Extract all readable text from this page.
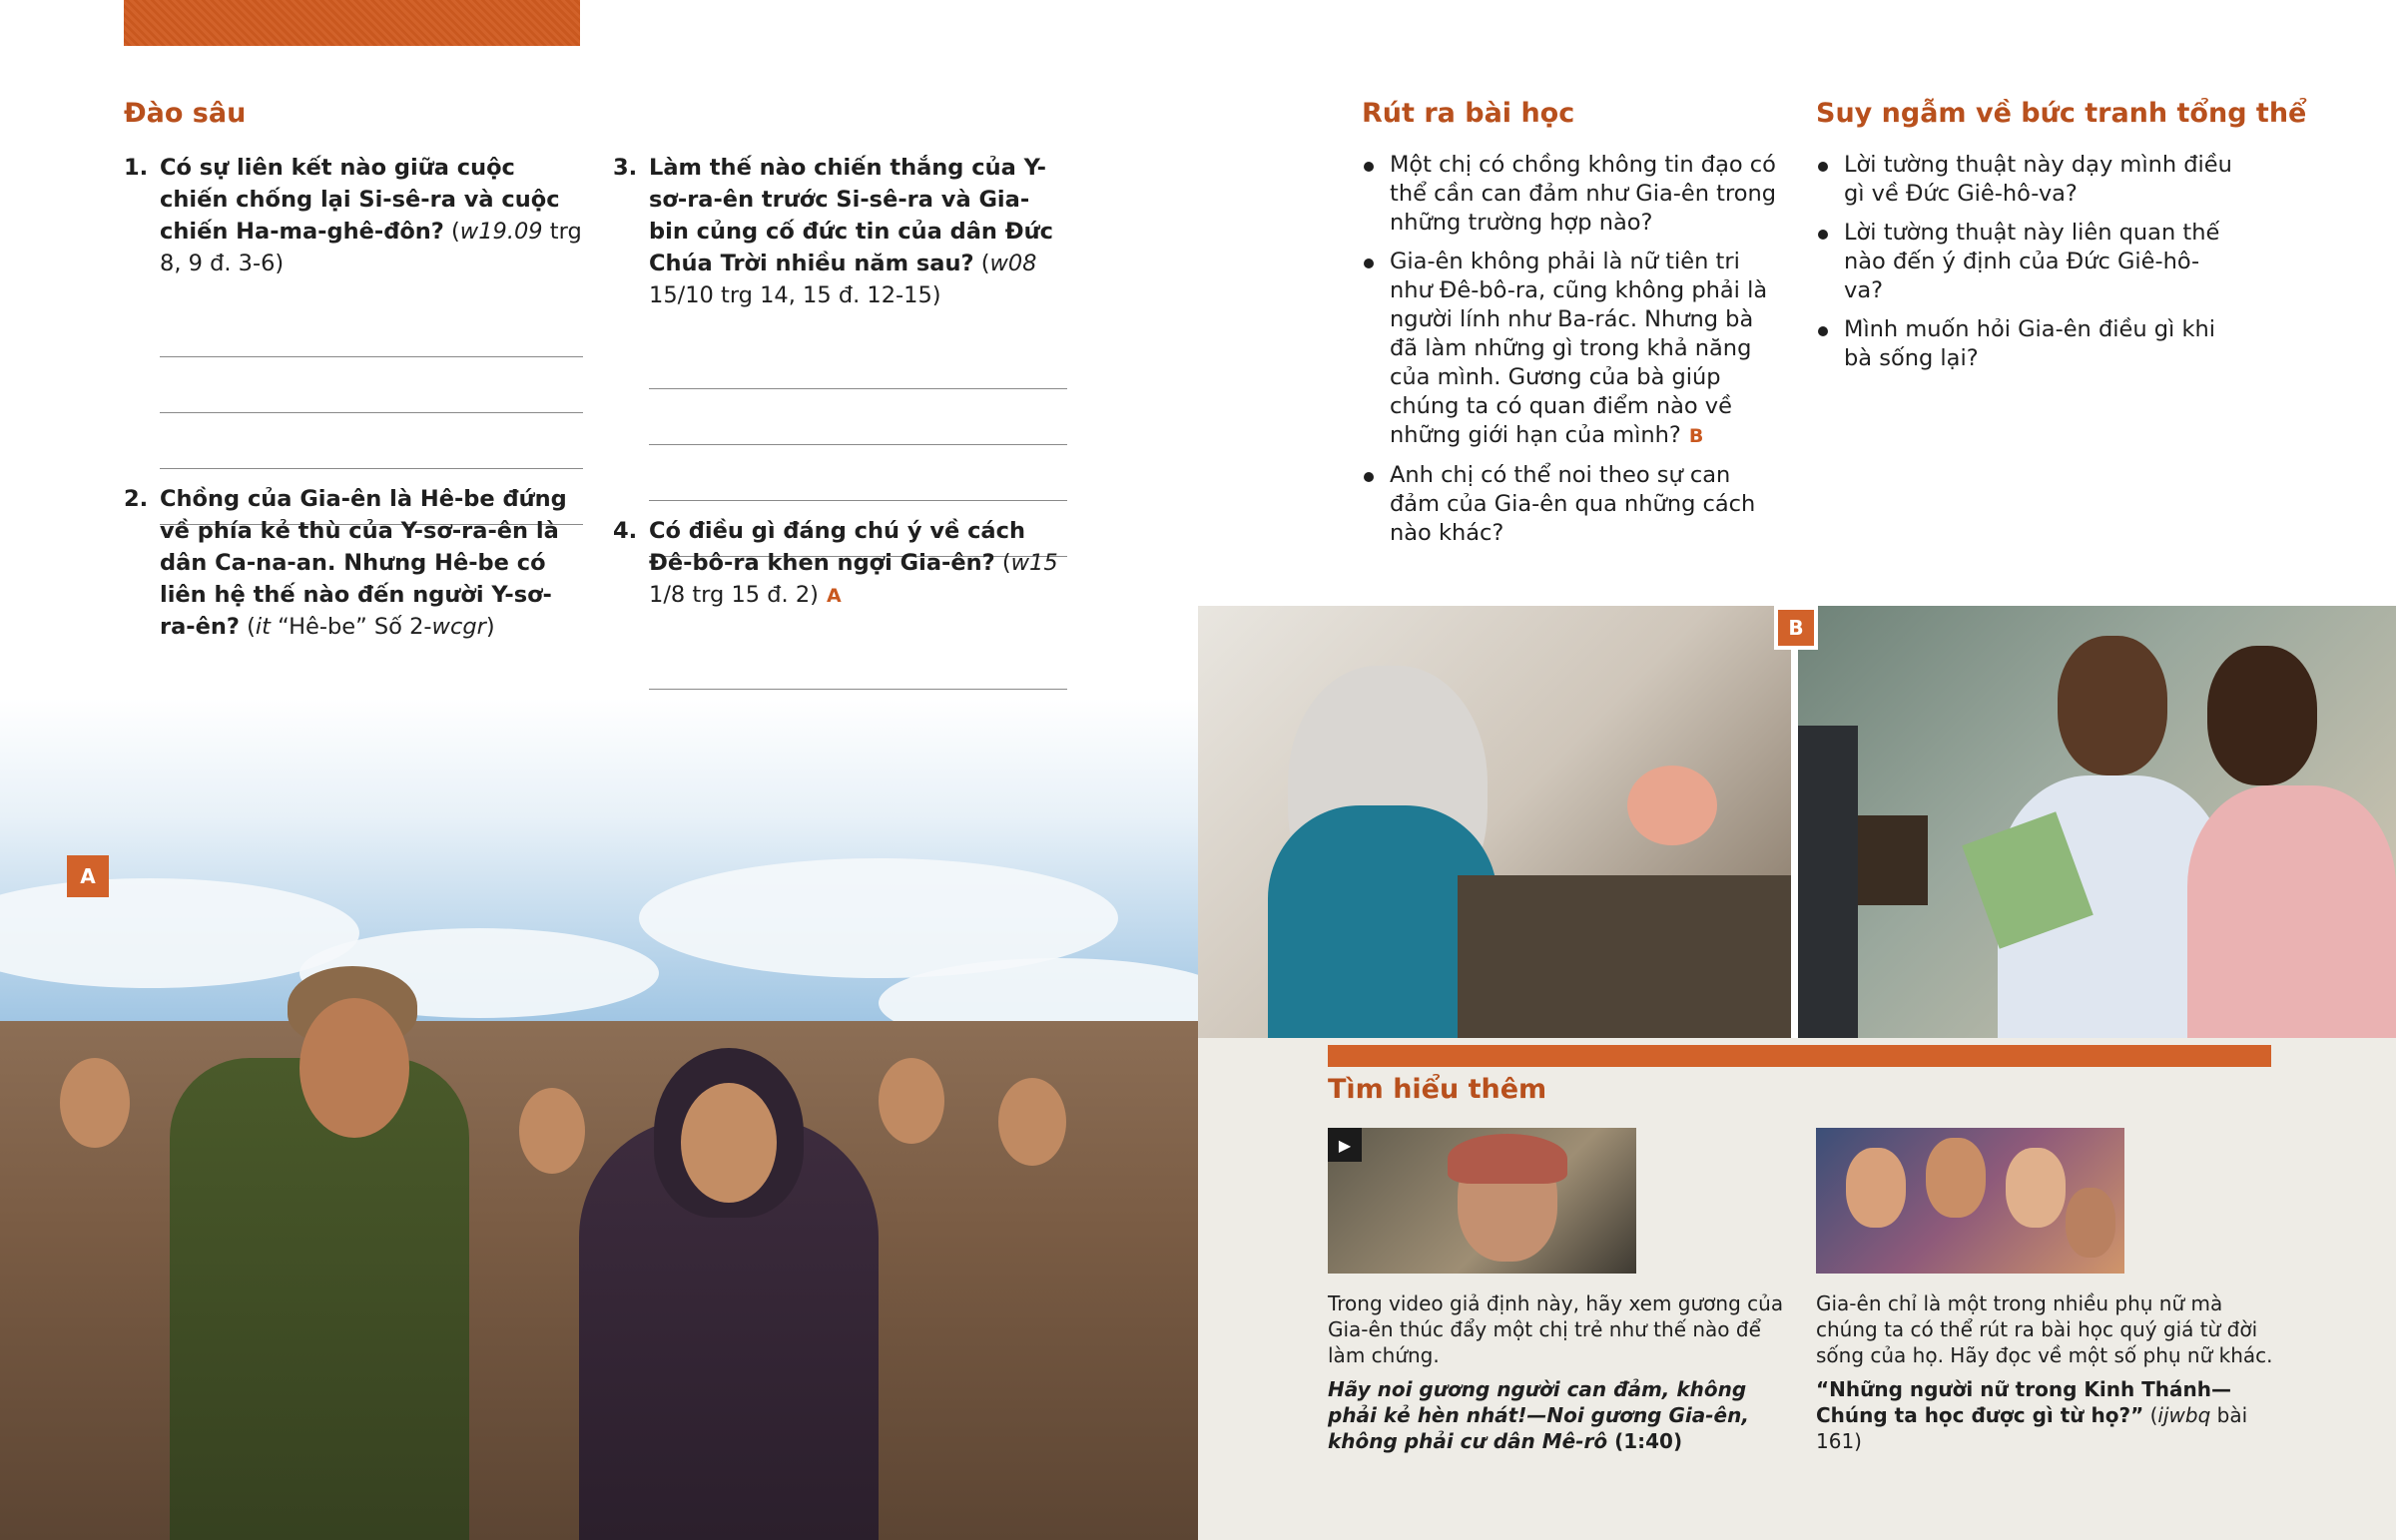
Đào sâu
1. Có sự liên kết nào giữa cuộc chiến chống lại Si-sê-ra và cuộc chiến Ha-ma-ghê-đôn? (w19.09 trg 8, 9 đ. 3-6)
2. Chồng của Gia-ên là Hê-be đứng về phía kẻ thù của Y-sơ-ra-ên là dân Ca-na-an. Nhưng Hê-be có liên hệ thế nào đến người Y-sơ-ra-ên? (it “Hê-be” Số 2-wcgr)
3. Làm thế nào chiến thắng của Y-sơ-ra-ên trước Si-sê-ra và Gia-bin củng cố đức tin của dân Đức Chúa Trời nhiều năm sau? (w08 15/10 trg 14, 15 đ. 12-15)
4. Có điều gì đáng chú ý về cách Đê-bô-ra khen ngợi Gia-ên? (w15 1/8 trg 15 đ. 2) A
A
Rút ra bài học
Một chị có chồng không tin đạo có thể cần can đảm như Gia-ên trong những trường hợp nào?
Gia-ên không phải là nữ tiên tri như Đê-bô-ra, cũng không phải là người lính như Ba-rác. Nhưng bà đã làm những gì trong khả năng của mình. Gương của bà giúp chúng ta có quan điểm nào về những giới hạn của mình? B
Anh chị có thể noi theo sự can đảm của Gia-ên qua những cách nào khác?
Suy ngẫm về bức tranh tổng thể
Lời tường thuật này dạy mình điều gì về Đức Giê-hô-va?
Lời tường thuật này liên quan thế nào đến ý định của Đức Giê-hô-va?
Mình muốn hỏi Gia-ên điều gì khi bà sống lại?
B
Tìm hiểu thêm
▶
Trong video giả định này, hãy xem gương của Gia-ên thúc đẩy một chị trẻ như thế nào để làm chứng.
Hãy noi gương người can đảm, không phải kẻ hèn nhát!—Noi gương Gia-ên, không phải cư dân Mê-rô (1:40)
Gia-ên chỉ là một trong nhiều phụ nữ mà chúng ta có thể rút ra bài học quý giá từ đời sống của họ. Hãy đọc về một số phụ nữ khác.
“Những người nữ trong Kinh Thánh—Chúng ta học được gì từ họ?” (ijwbq bài 161)
